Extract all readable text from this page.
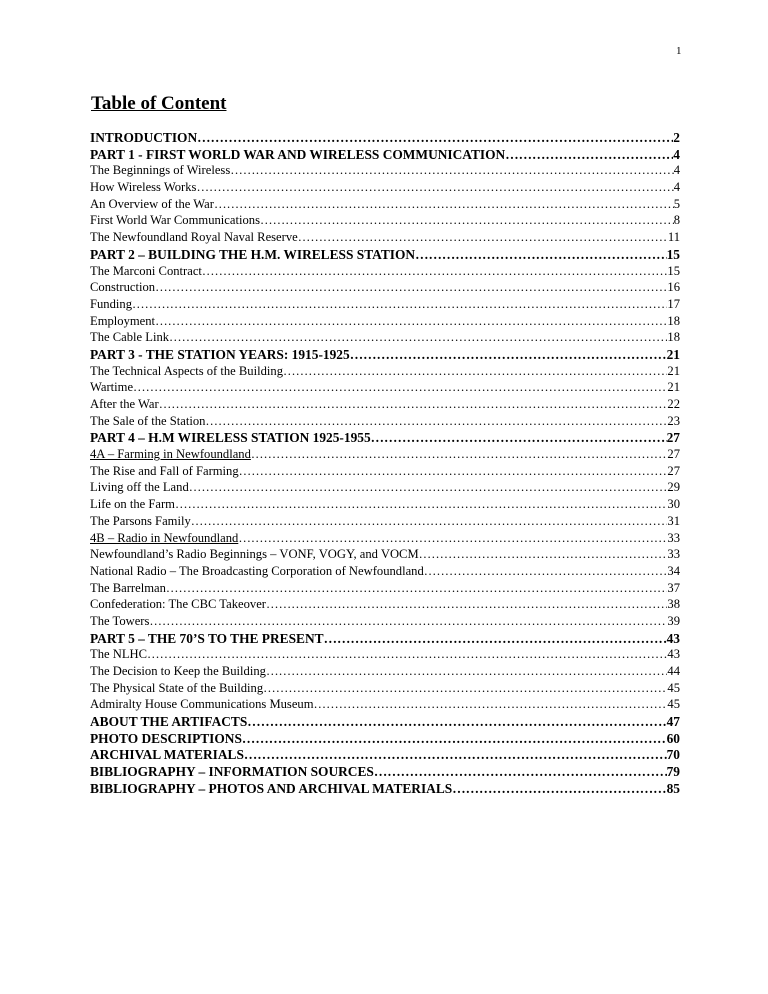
1
Table of Content
INTRODUCTION ……………………………………………………………………………………………………………………………………………………………………………………………………	2
PART 1 - FIRST WORLD WAR AND WIRELESS COMMUNICATION ……………………………………………………………………………………………………………………………………………………………………………………………………	4
The Beginnings of Wireless ……………………………………………………………………………………………………………………………………………………………………………………………………	4
How Wireless Works ……………………………………………………………………………………………………………………………………………………………………………………………………	4
An Overview of the War ……………………………………………………………………………………………………………………………………………………………………………………………………	5
First World War Communications ……………………………………………………………………………………………………………………………………………………………………………………………………	8
The Newfoundland Royal Naval Reserve ……………………………………………………………………………………………………………………………………………………………………………………………………	11
PART 2 – BUILDING THE H.M. WIRELESS STATION ……………………………………………………………………………………………………………………………………………………………………………………………………	15
The Marconi Contract ……………………………………………………………………………………………………………………………………………………………………………………………………	15
Construction ……………………………………………………………………………………………………………………………………………………………………………………………………	16
Funding ……………………………………………………………………………………………………………………………………………………………………………………………………	17
Employment ……………………………………………………………………………………………………………………………………………………………………………………………………	18
The Cable Link ……………………………………………………………………………………………………………………………………………………………………………………………………	18
PART 3 - THE STATION YEARS: 1915-1925 ……………………………………………………………………………………………………………………………………………………………………………………………………	21
The Technical Aspects of the Building ……………………………………………………………………………………………………………………………………………………………………………………………………	21
Wartime ……………………………………………………………………………………………………………………………………………………………………………………………………	21
After the War ……………………………………………………………………………………………………………………………………………………………………………………………………	22
The Sale of the Station ……………………………………………………………………………………………………………………………………………………………………………………………………	23
PART 4 – H.M WIRELESS STATION 1925-1955 ……………………………………………………………………………………………………………………………………………………………………………………………………	27
4A – Farming in Newfoundland ……………………………………………………………………………………………………………………………………………………………………………………………………	27
The Rise and Fall of Farming ……………………………………………………………………………………………………………………………………………………………………………………………………	27
Living off the Land ……………………………………………………………………………………………………………………………………………………………………………………………………	29
Life on the Farm ……………………………………………………………………………………………………………………………………………………………………………………………………	30
The Parsons Family ……………………………………………………………………………………………………………………………………………………………………………………………………	31
4B – Radio in Newfoundland ……………………………………………………………………………………………………………………………………………………………………………………………………	33
Newfoundland’s Radio Beginnings – VONF, VOGY, and VOCM ……………………………………………………………………………………………………………………………………………………………………………………………………	33
National Radio – The Broadcasting Corporation of Newfoundland ……………………………………………………………………………………………………………………………………………………………………………………………………	34
The Barrelman ……………………………………………………………………………………………………………………………………………………………………………………………………	37
Confederation: The CBC Takeover ……………………………………………………………………………………………………………………………………………………………………………………………………	38
The Towers ……………………………………………………………………………………………………………………………………………………………………………………………………	39
PART 5 – THE 70’S TO THE PRESENT ……………………………………………………………………………………………………………………………………………………………………………………………………	43
The NLHC ……………………………………………………………………………………………………………………………………………………………………………………………………	43
The Decision to Keep the Building ……………………………………………………………………………………………………………………………………………………………………………………………………	44
The Physical State of the Building ……………………………………………………………………………………………………………………………………………………………………………………………………	45
Admiralty House Communications Museum ……………………………………………………………………………………………………………………………………………………………………………………………………	45
ABOUT THE ARTIFACTS ……………………………………………………………………………………………………………………………………………………………………………………………………	47
PHOTO DESCRIPTIONS ……………………………………………………………………………………………………………………………………………………………………………………………………	60
ARCHIVAL MATERIALS ……………………………………………………………………………………………………………………………………………………………………………………………………	70
BIBLIOGRAPHY – INFORMATION SOURCES ……………………………………………………………………………………………………………………………………………………………………………………………………	79
BIBLIOGRAPHY – PHOTOS AND ARCHIVAL MATERIALS ……………………………………………………………………………………………………………………………………………………………………………………………………	85
